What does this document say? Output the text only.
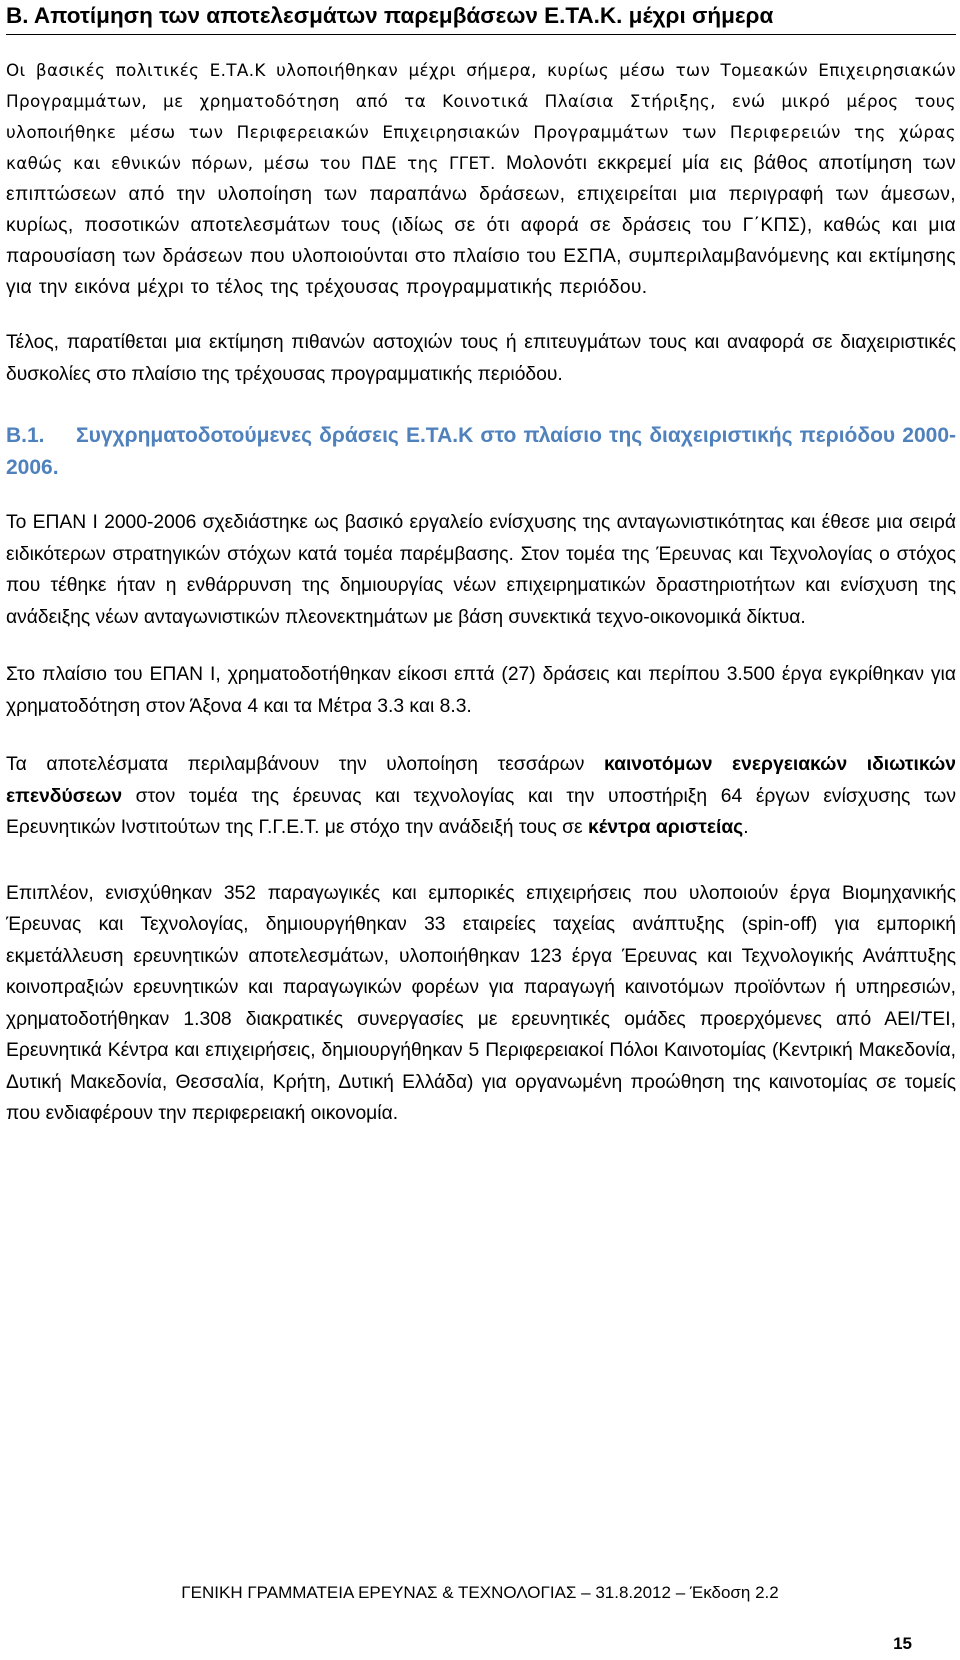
Β. Αποτίμηση των αποτελεσμάτων παρεμβάσεων Ε.ΤΑ.Κ. μέχρι σήμερα

Οι βασικές πολιτικές Ε.ΤΑ.Κ υλοποιήθηκαν μέχρι σήμερα, κυρίως μέσω των Τομεακών Επιχειρησιακών Προγραμμάτων, με χρηματοδότηση από τα Κοινοτικά Πλαίσια Στήριξης, ενώ μικρό μέρος τους υλοποιήθηκε μέσω των Περιφερειακών Επιχειρησιακών Προγραμμάτων των Περιφερειών της χώρας καθώς και εθνικών πόρων, μέσω του ΠΔΕ της ΓΓΕΤ. Μολονότι εκκρεμεί μία εις βάθος αποτίμηση των επιπτώσεων από την υλοποίηση των παραπάνω δράσεων, επιχειρείται μια περιγραφή των άμεσων, κυρίως, ποσοτικών αποτελεσμάτων τους (ιδίως σε ότι αφορά σε δράσεις του Γ΄ΚΠΣ), καθώς και μια παρουσίαση των δράσεων που υλοποιούνται στο πλαίσιο του ΕΣΠΑ, συμπεριλαμβανόμενης και εκτίμησης για την εικόνα μέχρι το τέλος της τρέχουσας προγραμματικής περιόδου.

Τέλος, παρατίθεται μια εκτίμηση πιθανών αστοχιών τους ή επιτευγμάτων τους και αναφορά σε διαχειριστικές δυσκολίες στο πλαίσιο της τρέχουσας προγραμματικής περιόδου.

Β.1. Συγχρηματοδοτούμενες δράσεις Ε.ΤΑ.Κ στο πλαίσιο της διαχειριστικής περιόδου 2000- 2006.

Το ΕΠΑΝ Ι 2000-2006 σχεδιάστηκε ως βασικό εργαλείο ενίσχυσης της ανταγωνιστικότητας και έθεσε μια σειρά ειδικότερων στρατηγικών στόχων κατά τομέα παρέμβασης. Στον τομέα της Έρευνας και Τεχνολογίας ο στόχος που τέθηκε ήταν η ενθάρρυνση της δημιουργίας νέων επιχειρηματικών δραστηριοτήτων και ενίσχυση της ανάδειξης νέων ανταγωνιστικών πλεονεκτημάτων με βάση συνεκτικά τεχνο-οικονομικά δίκτυα.

Στο πλαίσιο του ΕΠΑΝ Ι, χρηματοδοτήθηκαν είκοσι επτά (27) δράσεις και περίπου 3.500 έργα εγκρίθηκαν για χρηματοδότηση στον Άξονα 4 και τα Μέτρα 3.3 και 8.3.

Τα αποτελέσματα περιλαμβάνουν την υλοποίηση τεσσάρων καινοτόμων ενεργειακών ιδιωτικών επενδύσεων στον τομέα της έρευνας και τεχνολογίας και την υποστήριξη 64 έργων ενίσχυσης των Ερευνητικών Ινστιτούτων της Γ.Γ.Ε.Τ. με στόχο την ανάδειξή τους σε κέντρα αριστείας.

Επιπλέον, ενισχύθηκαν 352 παραγωγικές και εμπορικές επιχειρήσεις που υλοποιούν έργα Βιομηχανικής Έρευνας και Τεχνολογίας, δημιουργήθηκαν 33 εταιρείες ταχείας ανάπτυξης (spin-off) για εμπορική εκμετάλλευση ερευνητικών αποτελεσμάτων, υλοποιήθηκαν 123 έργα Έρευνας και Τεχνολογικής Ανάπτυξης κοινοπραξιών ερευνητικών και παραγωγικών φορέων για παραγωγή καινοτόμων προϊόντων ή υπηρεσιών, χρηματοδοτήθηκαν 1.308 διακρατικές συνεργασίες με ερευνητικές ομάδες προερχόμενες από ΑΕΙ/ΤΕΙ, Ερευνητικά Κέντρα και επιχειρήσεις, δημιουργήθηκαν 5 Περιφερειακοί Πόλοι Καινοτομίας (Κεντρική Μακεδονία, Δυτική Μακεδονία, Θεσσαλία, Κρήτη, Δυτική Ελλάδα) για οργανωμένη προώθηση της καινοτομίας σε τομείς που ενδιαφέρουν την περιφερειακή οικονομία.

ΓΕΝΙΚΗ ΓΡΑΜΜΑΤΕΙΑ ΕΡΕΥΝΑΣ & ΤΕΧΝΟΛΟΓΙΑΣ – 31.8.2012 – Έκδοση 2.2
15
